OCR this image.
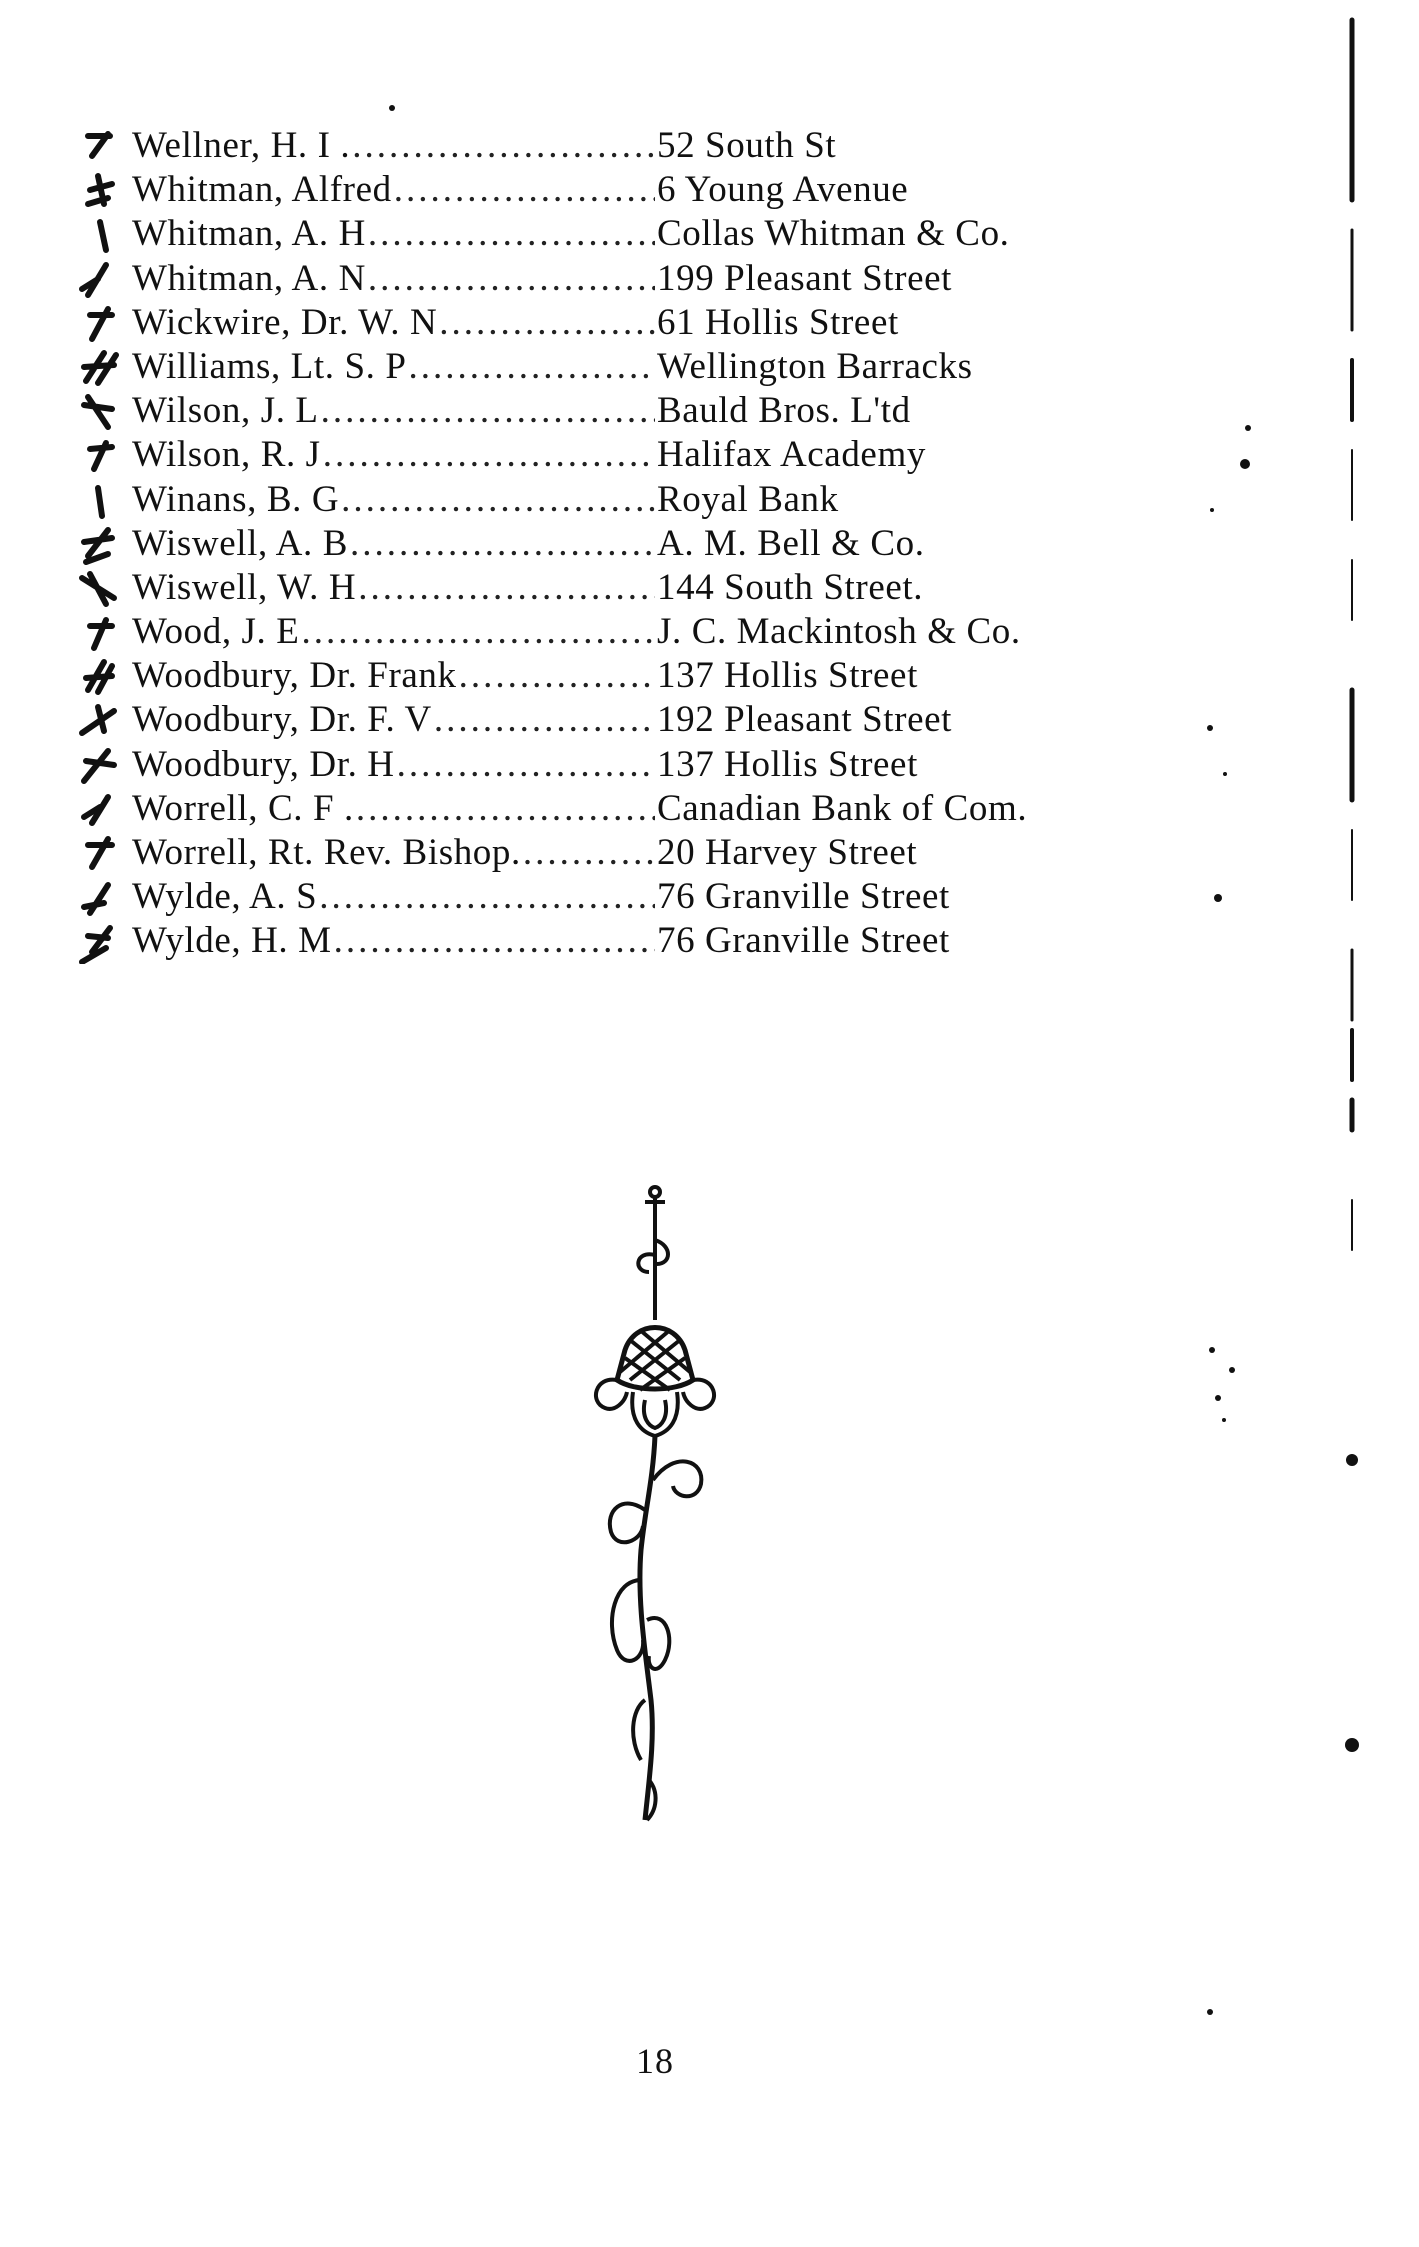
Wellner, H. I . .....	52 South St
Whitman, Alfred .....	6 Young Avenue
Whitman, A. H .....	Collas Whitman & Co.
Whitman, A. N .....	199 Pleasant Street
Wickwire, Dr. W. N .....	61 Hollis Street
Williams, Lt. S. P .....	Wellington Barracks
Wilson, J. L .....	Bauld Bros. L'td
Wilson, R. J .....	Halifax Academy
Winans, B. G .....	Royal Bank
Wiswell, A. B .....	A. M. Bell & Co.
Wiswell, W. H .....	144 South Street.
Wood, J. E .....	J. C. Mackintosh & Co.
Woodbury, Dr. Frank .....	137 Hollis Street
Woodbury, Dr. F. V .....	192 Pleasant Street
Woodbury, Dr. H .....	137 Hollis Street
Worrell, C. F . .....	Canadian Bank of Com.
Worrell, Rt. Rev. Bishop. .....	20 Harvey Street
Wylde, A. S .....	76 Granville Street
Wylde, H. M .....	76 Granville Street
18
